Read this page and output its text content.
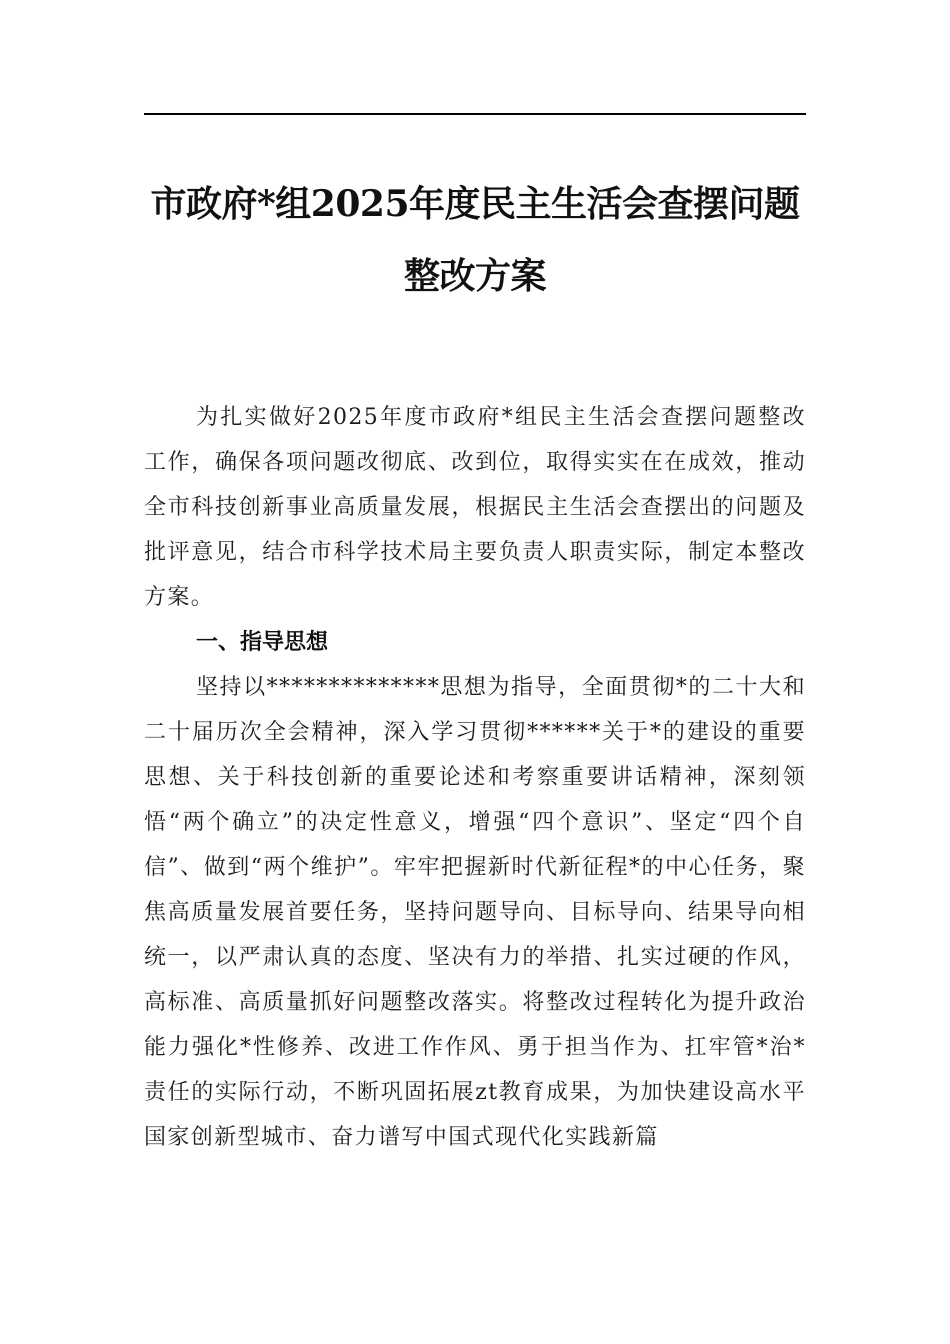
市政府*组2025年度民主生活会查摆问题
整改方案

为扎实做好2025年度市政府*组民主生活会查摆问题整改工作，确保各项问题改彻底、改到位，取得实实在在成效，推动全市科技创新事业高质量发展，根据民主生活会查摆出的问题及批评意见，结合市科学技术局主要负责人职责实际，制定本整改方案。

一、指导思想

坚持以**************思想为指导，全面贯彻*的二十大和二十届历次全会精神，深入学习贯彻******关于*的建设的重要思想、关于科技创新的重要论述和考察重要讲话精神，深刻领悟“两个确立”的决定性意义，增强“四个意识”、坚定“四个自信”、做到“两个维护”。牢牢把握新时代新征程*的中心任务，聚焦高质量发展首要任务，坚持问题导向、目标导向、结果导向相统一，以严肃认真的态度、坚决有力的举措、扎实过硬的作风，高标准、高质量抓好问题整改落实。将整改过程转化为提升政治能力强化*性修养、改进工作作风、勇于担当作为、扛牢管*治*责任的实际行动，不断巩固拓展zt教育成果，为加快建设高水平国家创新型城市、奋力谱写中国式现代化实践新篇
